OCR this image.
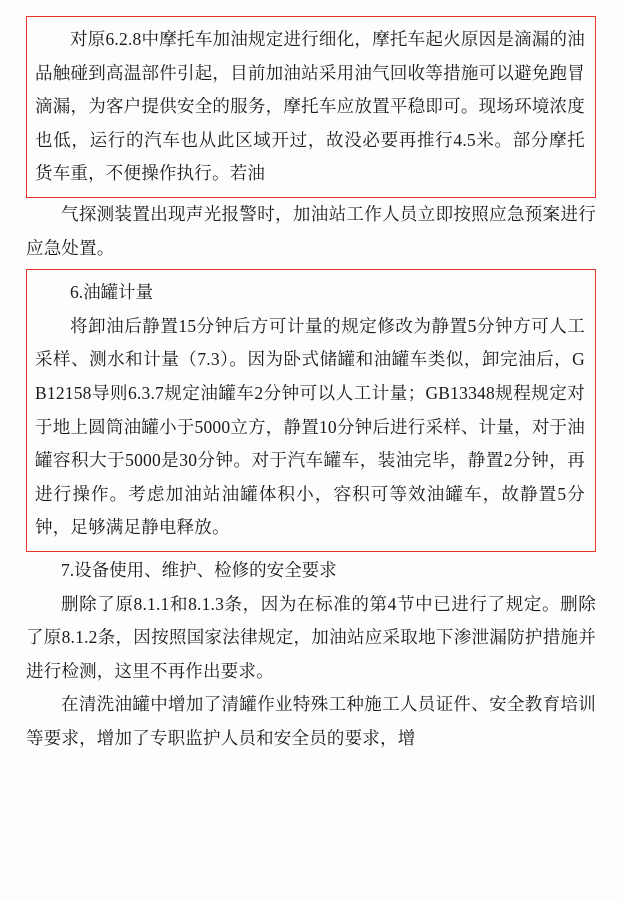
对原6.2.8中摩托车加油规定进行细化，摩托车起火原因是滴漏的油品触碰到高温部件引起，目前加油站采用油气回收等措施可以避免跑冒滴漏，为客户提供安全的服务，摩托车应放置平稳即可。现场环境浓度也低，运行的汽车也从此区域开过，故没必要再推行4.5米。部分摩托货车重，不便操作执行。若油

气探测装置出现声光报警时，加油站工作人员立即按照应急预案进行应急处置。

6.油罐计量

将卸油后静置15分钟后方可计量的规定修改为静置5分钟方可人工采样、测水和计量（7.3）。因为卧式储罐和油罐车类似，卸完油后，GB12158导则6.3.7规定油罐车2分钟可以人工计量；GB13348规程规定对于地上圆筒油罐小于5000立方，静置10分钟后进行采样、计量，对于油罐容积大于5000是30分钟。对于汽车罐车，装油完毕，静置2分钟，再进行操作。考虑加油站油罐体积小，容积可等效油罐车，故静置5分钟，足够满足静电释放。

7.设备使用、维护、检修的安全要求

删除了原8.1.1和8.1.3条，因为在标准的第4节中已进行了规定。删除了原8.1.2条，因按照国家法律规定，加油站应采取地下渗泄漏防护措施并进行检测，这里不再作出要求。

在清洗油罐中增加了清罐作业特殊工种施工人员证件、安全教育培训等要求，增加了专职监护人员和安全员的要求，增
